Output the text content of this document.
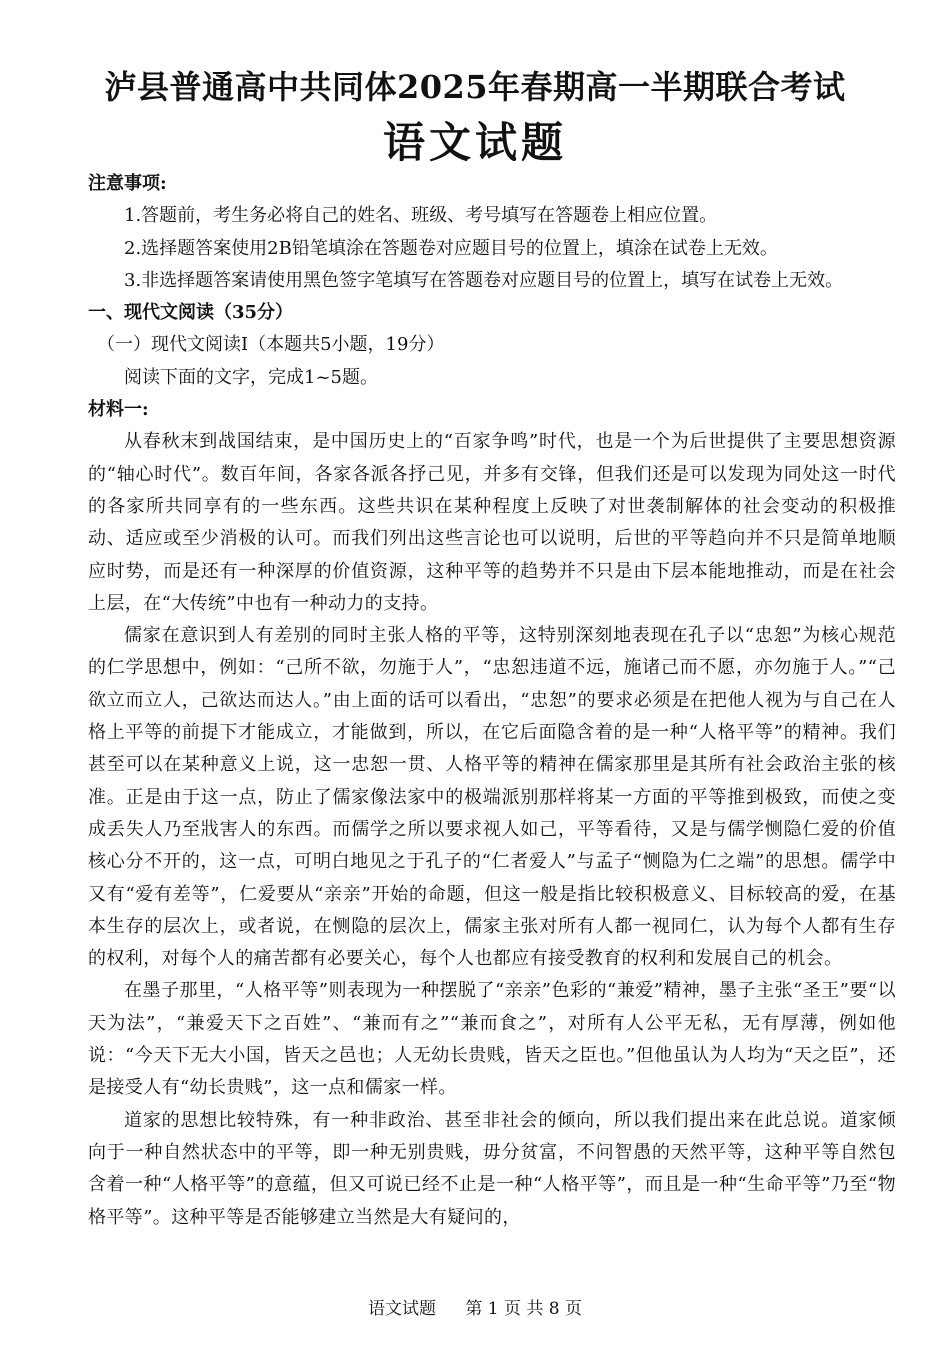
泸县普通高中共同体2025年春期高一半期联合考试
语文试题

注意事项:

1.答题前，考生务必将自己的姓名、班级、考号填写在答题卷上相应位置。

2.选择题答案使用2B铅笔填涂在答题卷对应题目号的位置上，填涂在试卷上无效。

3.非选择题答案请使用黑色签字笔填写在答题卷对应题目号的位置上，填写在试卷上无效。

一、现代文阅读（35分）

（一）现代文阅读Ⅰ（本题共5小题，19分）

阅读下面的文字，完成1~5题。

材料一:

从春秋末到战国结束，是中国历史上的“百家争鸣”时代，也是一个为后世提供了主要思想资源的“轴心时代”。数百年间，各家各派各抒己见，并多有交锋，但我们还是可以发现为同处这一时代的各家所共同享有的一些东西。这些共识在某种程度上反映了对世袭制解体的社会变动的积极推动、适应或至少消极的认可。而我们列出这些言论也可以说明，后世的平等趋向并不只是简单地顺应时势，而是还有一种深厚的价值资源，这种平等的趋势并不只是由下层本能地推动，而是在社会上层，在“大传统”中也有一种动力的支持。

儒家在意识到人有差别的同时主张人格的平等，这特别深刻地表现在孔子以“忠恕”为核心规范的仁学思想中，例如：“己所不欲，勿施于人”，“忠恕违道不远，施诸己而不愿，亦勿施于人。”“己欲立而立人，己欲达而达人。”由上面的话可以看出，“忠恕”的要求必须是在把他人视为与自己在人格上平等的前提下才能成立，才能做到，所以，在它后面隐含着的是一种“人格平等”的精神。我们甚至可以在某种意义上说，这一忠恕一贯、人格平等的精神在儒家那里是其所有社会政治主张的核准。正是由于这一点，防止了儒家像法家中的极端派别那样将某一方面的平等推到极致，而使之变成丢失人乃至戕害人的东西。而儒学之所以要求视人如己，平等看待，又是与儒学恻隐仁爱的价值核心分不开的，这一点，可明白地见之于孔子的“仁者爱人”与孟子“恻隐为仁之端”的思想。儒学中又有“爱有差等”，仁爱要从“亲亲”开始的命题，但这一般是指比较积极意义、目标较高的爱，在基本生存的层次上，或者说，在恻隐的层次上，儒家主张对所有人都一视同仁，认为每个人都有生存的权利，对每个人的痛苦都有必要关心，每个人也都应有接受教育的权利和发展自己的机会。

在墨子那里，“人格平等”则表现为一种摆脱了“亲亲”色彩的“兼爱”精神，墨子主张“圣王”要“以天为法”，“兼爱天下之百姓”、“兼而有之”“兼而食之”，对所有人公平无私，无有厚薄，例如他说：“今天下无大小国，皆天之邑也；人无幼长贵贱，皆天之臣也。”但他虽认为人均为“天之臣”，还是接受人有“幼长贵贱”，这一点和儒家一样。

道家的思想比较特殊，有一种非政治、甚至非社会的倾向，所以我们提出来在此总说。道家倾向于一种自然状态中的平等，即一种无别贵贱，毋分贫富，不问智愚的天然平等，这种平等自然包含着一种“人格平等”的意蕴，但又可说已经不止是一种“人格平等”，而且是一种“生命平等”乃至“物格平等”。这种平等是否能够建立当然是大有疑问的，

语文试题 第 1 页 共 8 页
